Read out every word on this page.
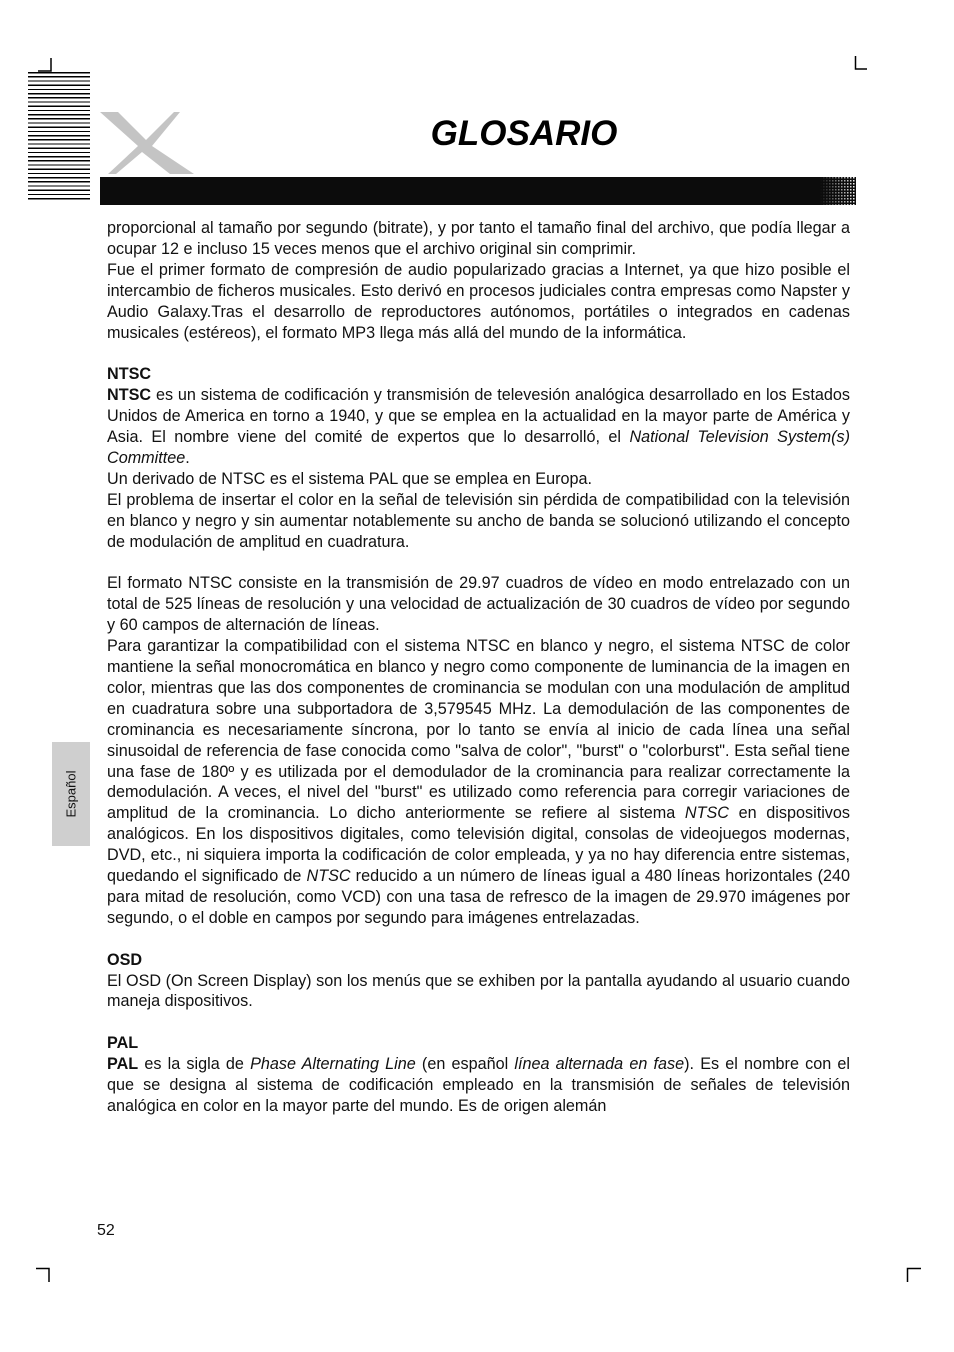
GLOSARIO
Español

proporcional al tamaño por segundo (bitrate), y por tanto el tamaño final del archivo, que podía llegar a ocupar 12 e incluso 15 veces menos que el archivo original sin comprimir.

Fue el primer formato de compresión de audio popularizado gracias a Internet, ya que hizo posible el intercambio de ficheros musicales. Esto derivó en procesos judiciales contra empresas como Napster y Audio Galaxy.Tras el desarrollo de reproductores autónomos, portátiles o integrados en cadenas musicales (estéreos), el formato MP3 llega más allá del mundo de la informática.

NTSC

NTSC es un sistema de codificación y transmisión de televesión analógica desarrollado en los Estados Unidos de America en torno a 1940, y que se emplea en la actualidad en la mayor parte de América y Asia. El nombre viene del comité de expertos que lo desarrolló, el National Television System(s) Committee.

Un derivado de NTSC es el sistema PAL que se emplea en Europa.

El problema de insertar el color en la señal de televisión sin pérdida de compatibilidad con la televisión en blanco y negro y sin aumentar notablemente su ancho de banda se solucionó utilizando el concepto de modulación de amplitud en cuadratura.

El formato NTSC consiste en la transmisión de 29.97 cuadros de vídeo en modo entrelazado con un total de 525 líneas de resolución y una velocidad de actualización de 30 cuadros de vídeo por segundo y 60 campos de alternación de líneas.

Para garantizar la compatibilidad con el sistema NTSC en blanco y negro, el sistema NTSC de color mantiene la señal monocromática en blanco y negro como componente de luminancia de la imagen en color, mientras que las dos componentes de crominancia se modulan con una modulación de amplitud en cuadratura sobre una subportadora de 3,579545 MHz. La demodulación de las componentes de crominancia es necesariamente síncrona, por lo tanto se envía al inicio de cada línea una señal sinusoidal de referencia de fase conocida como "salva de color", "burst" o "colorburst". Esta señal tiene una fase de 180º y es utilizada por el demodulador de la crominancia para realizar correctamente la demodulación. A veces, el nivel del "burst" es utilizado como referencia para corregir variaciones de amplitud de la crominancia. Lo dicho anteriormente se refiere al sistema NTSC en dispositivos analógicos. En los dispositivos digitales, como televisión digital, consolas de videojuegos modernas, DVD, etc., ni siquiera importa la codificación de color empleada, y ya no hay diferencia entre sistemas, quedando el significado de NTSC reducido a un número de líneas igual a 480 líneas horizontales (240 para mitad de resolución, como VCD) con una tasa de refresco de la imagen de 29.970 imágenes por segundo, o el doble en campos por segundo para imágenes entrelazadas.

OSD

El OSD (On Screen Display) son los menús que se exhiben por la pantalla ayudando al usuario cuando maneja dispositivos.

PAL

PAL es la sigla de Phase Alternating Line (en español línea alternada en fase). Es el nombre con el que se designa al sistema de codificación empleado en la transmisión de señales de televisión analógica en color en la mayor parte del mundo. Es de origen alemán

52
